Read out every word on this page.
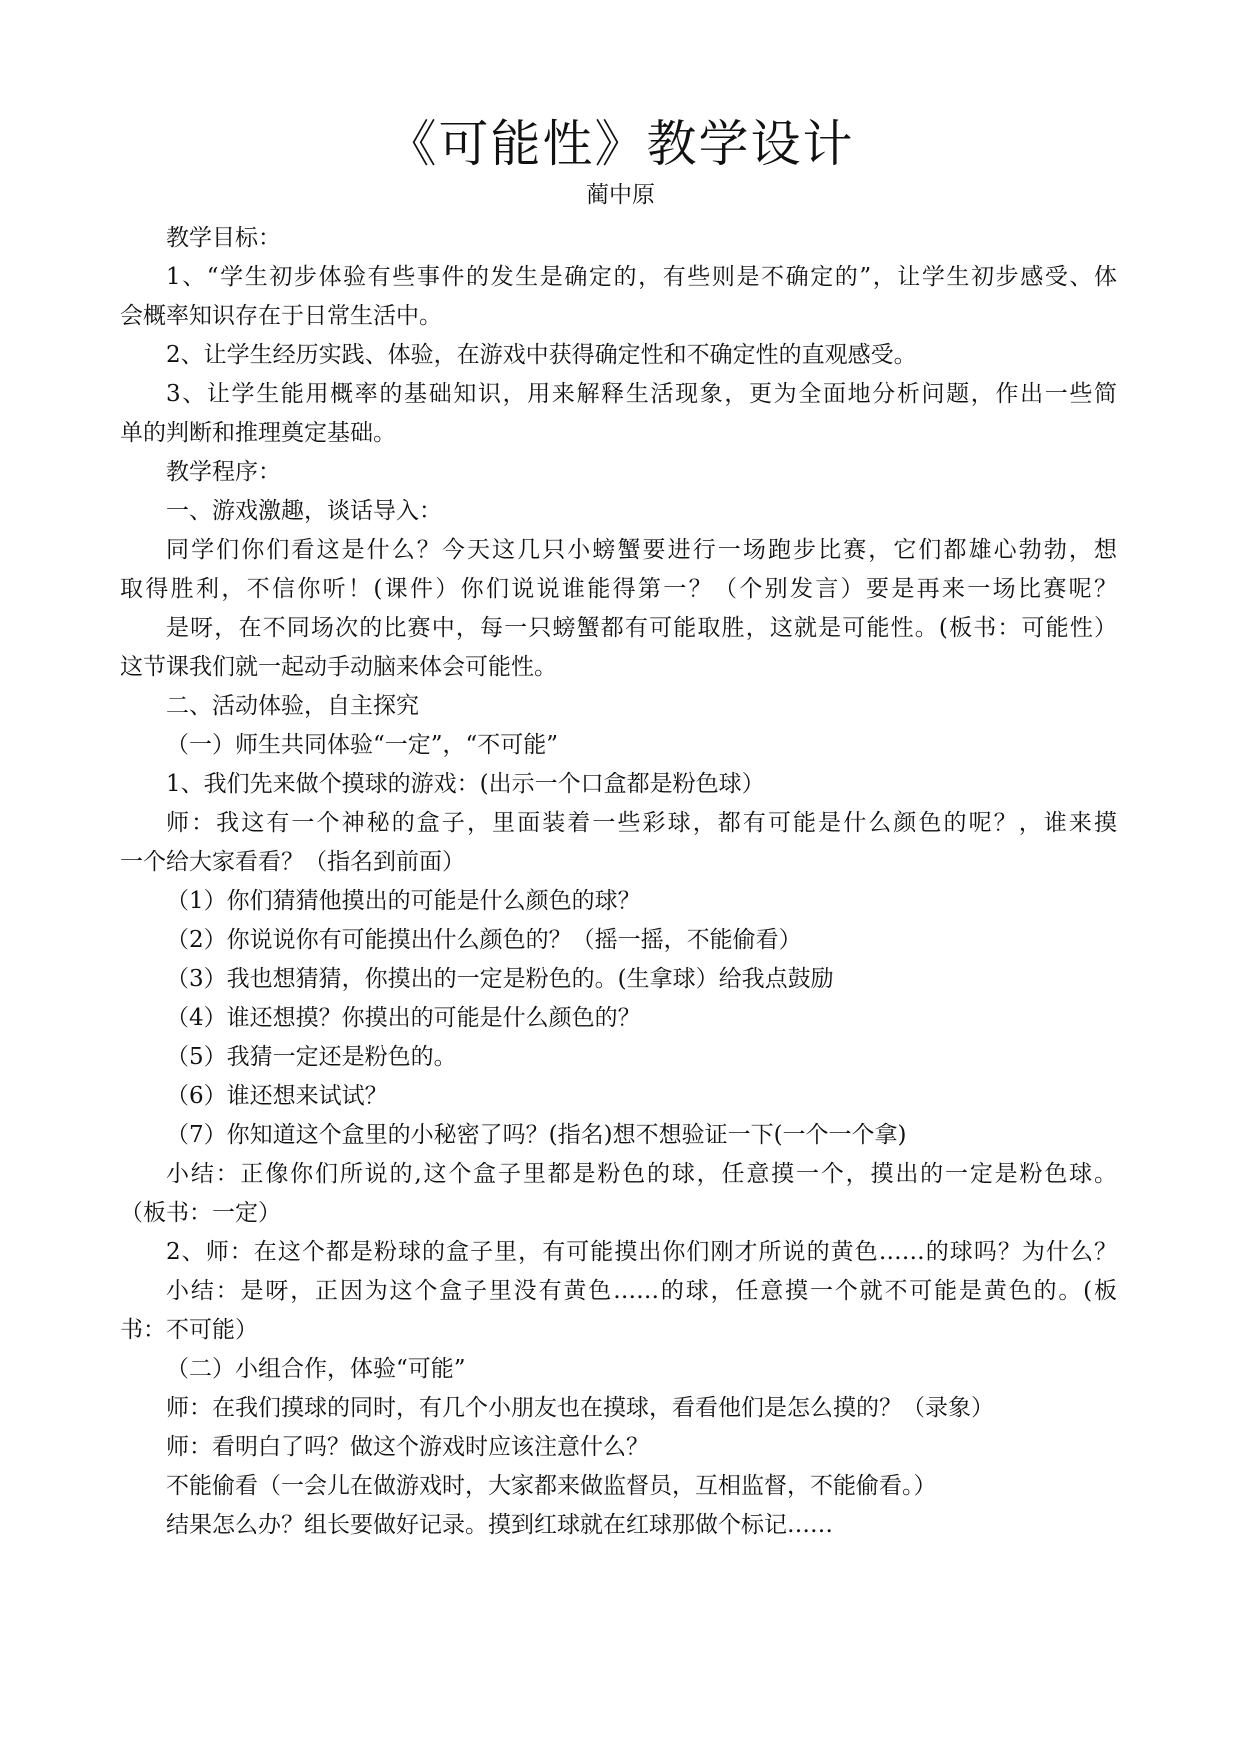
《可能性》教学设计
蔺中原

教学目标：

1、“学生初步体验有些事件的发生是确定的，有些则是不确定的”，让学生初步感受、体

会概率知识存在于日常生活中。

2、让学生经历实践、体验，在游戏中获得确定性和不确定性的直观感受。

3、让学生能用概率的基础知识，用来解释生活现象，更为全面地分析问题，作出一些简

单的判断和推理奠定基础。

教学程序：

一、游戏激趣，谈话导入：

同学们你们看这是什么？今天这几只小螃蟹要进行一场跑步比赛，它们都雄心勃勃，想

取得胜利，不信你听！(课件）你们说说谁能得第一？（个别发言）要是再来一场比赛呢？

是呀，在不同场次的比赛中，每一只螃蟹都有可能取胜，这就是可能性。(板书：可能性）

这节课我们就一起动手动脑来体会可能性。

二、活动体验，自主探究

（一）师生共同体验“一定”，“不可能”

1、我们先来做个摸球的游戏：(出示一个口盒都是粉色球）

师：我这有一个神秘的盒子，里面装着一些彩球，都有可能是什么颜色的呢？，谁来摸

一个给大家看看？（指名到前面）

（1）你们猜猜他摸出的可能是什么颜色的球？

（2）你说说你有可能摸出什么颜色的？（摇一摇，不能偷看）

（3）我也想猜猜，你摸出的一定是粉色的。(生拿球）给我点鼓励

（4）谁还想摸？你摸出的可能是什么颜色的？

（5）我猜一定还是粉色的。

（6）谁还想来试试？

（7）你知道这个盒里的小秘密了吗？(指名)想不想验证一下(一个一个拿)

小结：正像你们所说的,这个盒子里都是粉色的球，任意摸一个，摸出的一定是粉色球。

（板书：一定）

2、师：在这个都是粉球的盒子里，有可能摸出你们刚才所说的黄色……的球吗？为什么？

小结：是呀，正因为这个盒子里没有黄色……的球，任意摸一个就不可能是黄色的。(板

书：不可能）

（二）小组合作，体验“可能”

师：在我们摸球的同时，有几个小朋友也在摸球，看看他们是怎么摸的？（录象）

师：看明白了吗？做这个游戏时应该注意什么？

不能偷看（一会儿在做游戏时，大家都来做监督员，互相监督，不能偷看。）

结果怎么办？组长要做好记录。摸到红球就在红球那做个标记……
